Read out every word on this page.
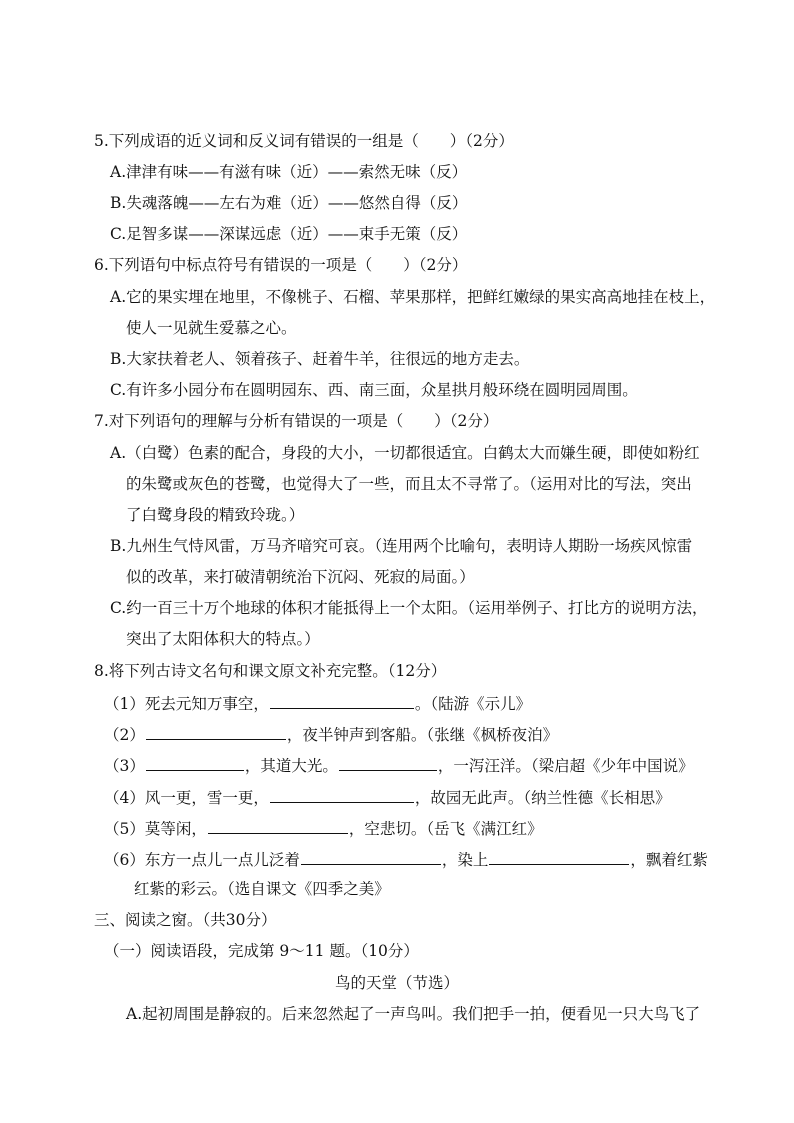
5.下列成语的近义词和反义词有错误的一组是（　　）（2分）
A.津津有味——有滋有味（近）——索然无味（反）
B.失魂落魄——左右为难（近）——悠然自得（反）
C.足智多谋——深谋远虑（近）——束手无策（反）
6.下列语句中标点符号有错误的一项是（　　）（2分）
A.它的果实埋在地里，不像桃子、石榴、苹果那样，把鲜红嫩绿的果实高高地挂在枝上，
使人一见就生爱慕之心。
B.大家扶着老人、领着孩子、赶着牛羊，往很远的地方走去。
C.有许多小园分布在圆明园东、西、南三面，众星拱月般环绕在圆明园周围。
7.对下列语句的理解与分析有错误的一项是（　　）（2分）
A.（白鹭）色素的配合，身段的大小，一切都很适宜。白鹤太大而嫌生硬，即使如粉红
的朱鹭或灰色的苍鹭，也觉得大了一些，而且太不寻常了。（运用对比的写法，突出
了白鹭身段的精致玲珑。）
B.九州生气恃风雷，万马齐喑究可哀。（连用两个比喻句，表明诗人期盼一场疾风惊雷
似的改革，来打破清朝统治下沉闷、死寂的局面。）
C.约一百三十万个地球的体积才能抵得上一个太阳。（运用举例子、打比方的说明方法，
突出了太阳体积大的特点。）
8.将下列古诗文名句和课文原文补充完整。（12分）
（1）死去元知万事空，	。（陆游《示儿》
（2）	，夜半钟声到客船。（张继《枫桥夜泊》
（3）	，其道大光。	，一泻汪洋。（梁启超《少年中国说》
（4）风一更，雪一更，	，故园无此声。（纳兰性德《长相思》
（5）莫等闲，	，空悲切。（岳飞《满江红》
（6）东方一点儿一点儿泛着	，染上	，飘着红紫
红紫的彩云。（选自课文《四季之美》
三、阅读之窗。（共30分）
（一）阅读语段，完成第 9～11 题。（10分）
鸟的天堂（节选）
A.起初周围是静寂的。后来忽然起了一声鸟叫。我们把手一拍，便看见一只大鸟飞了
